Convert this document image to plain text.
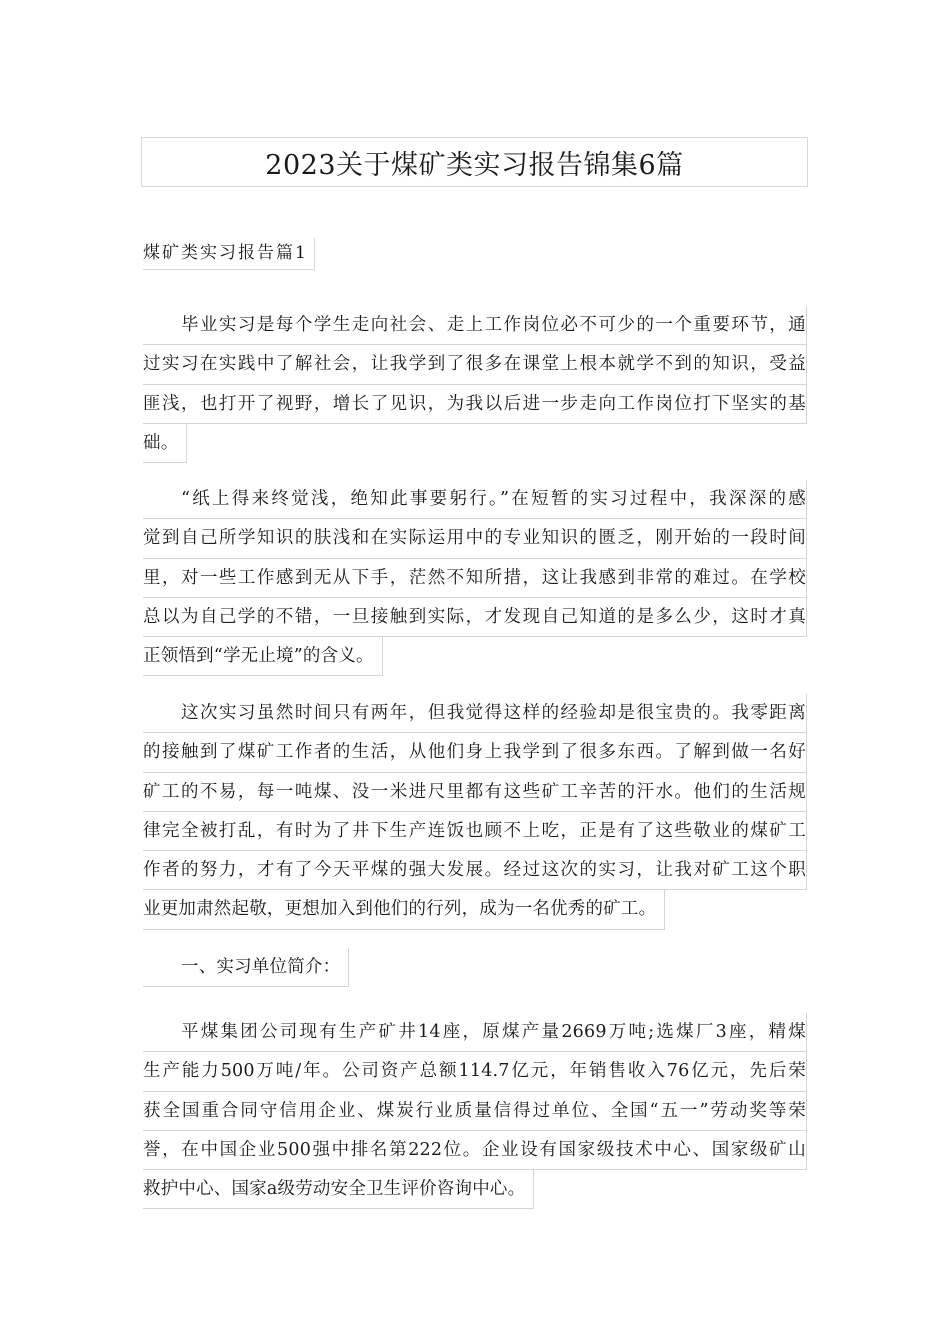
2023关于煤矿类实习报告锦集6篇
煤矿类实习报告篇1
毕业实习是每个学生走向社会、走上工作岗位必不可少的一个重要环节，通
过实习在实践中了解社会，让我学到了很多在课堂上根本就学不到的知识，受益
匪浅，也打开了视野，增长了见识，为我以后进一步走向工作岗位打下坚实的基
础。
“纸上得来终觉浅，绝知此事要躬行。”在短暂的实习过程中，我深深的感
觉到自己所学知识的肤浅和在实际运用中的专业知识的匮乏，刚开始的一段时间
里，对一些工作感到无从下手，茫然不知所措，这让我感到非常的难过。在学校
总以为自己学的不错，一旦接触到实际，才发现自己知道的是多么少，这时才真
正领悟到“学无止境”的含义。
这次实习虽然时间只有两年，但我觉得这样的经验却是很宝贵的。我零距离
的接触到了煤矿工作者的生活，从他们身上我学到了很多东西。了解到做一名好
矿工的不易，每一吨煤、没一米进尺里都有这些矿工辛苦的汗水。他们的生活规
律完全被打乱，有时为了井下生产连饭也顾不上吃，正是有了这些敬业的煤矿工
作者的努力，才有了今天平煤的强大发展。经过这次的实习，让我对矿工这个职
业更加肃然起敬，更想加入到他们的行列，成为一名优秀的矿工。
一、实习单位简介：
平煤集团公司现有生产矿井14座，原煤产量2669万吨;选煤厂3座，精煤
生产能力500万吨/年。公司资产总额114.7亿元，年销售收入76亿元，先后荣
获全国重合同守信用企业、煤炭行业质量信得过单位、全国“五一”劳动奖等荣
誉，在中国企业500强中排名第222位。企业设有国家级技术中心、国家级矿山
救护中心、国家a级劳动安全卫生评价咨询中心。
